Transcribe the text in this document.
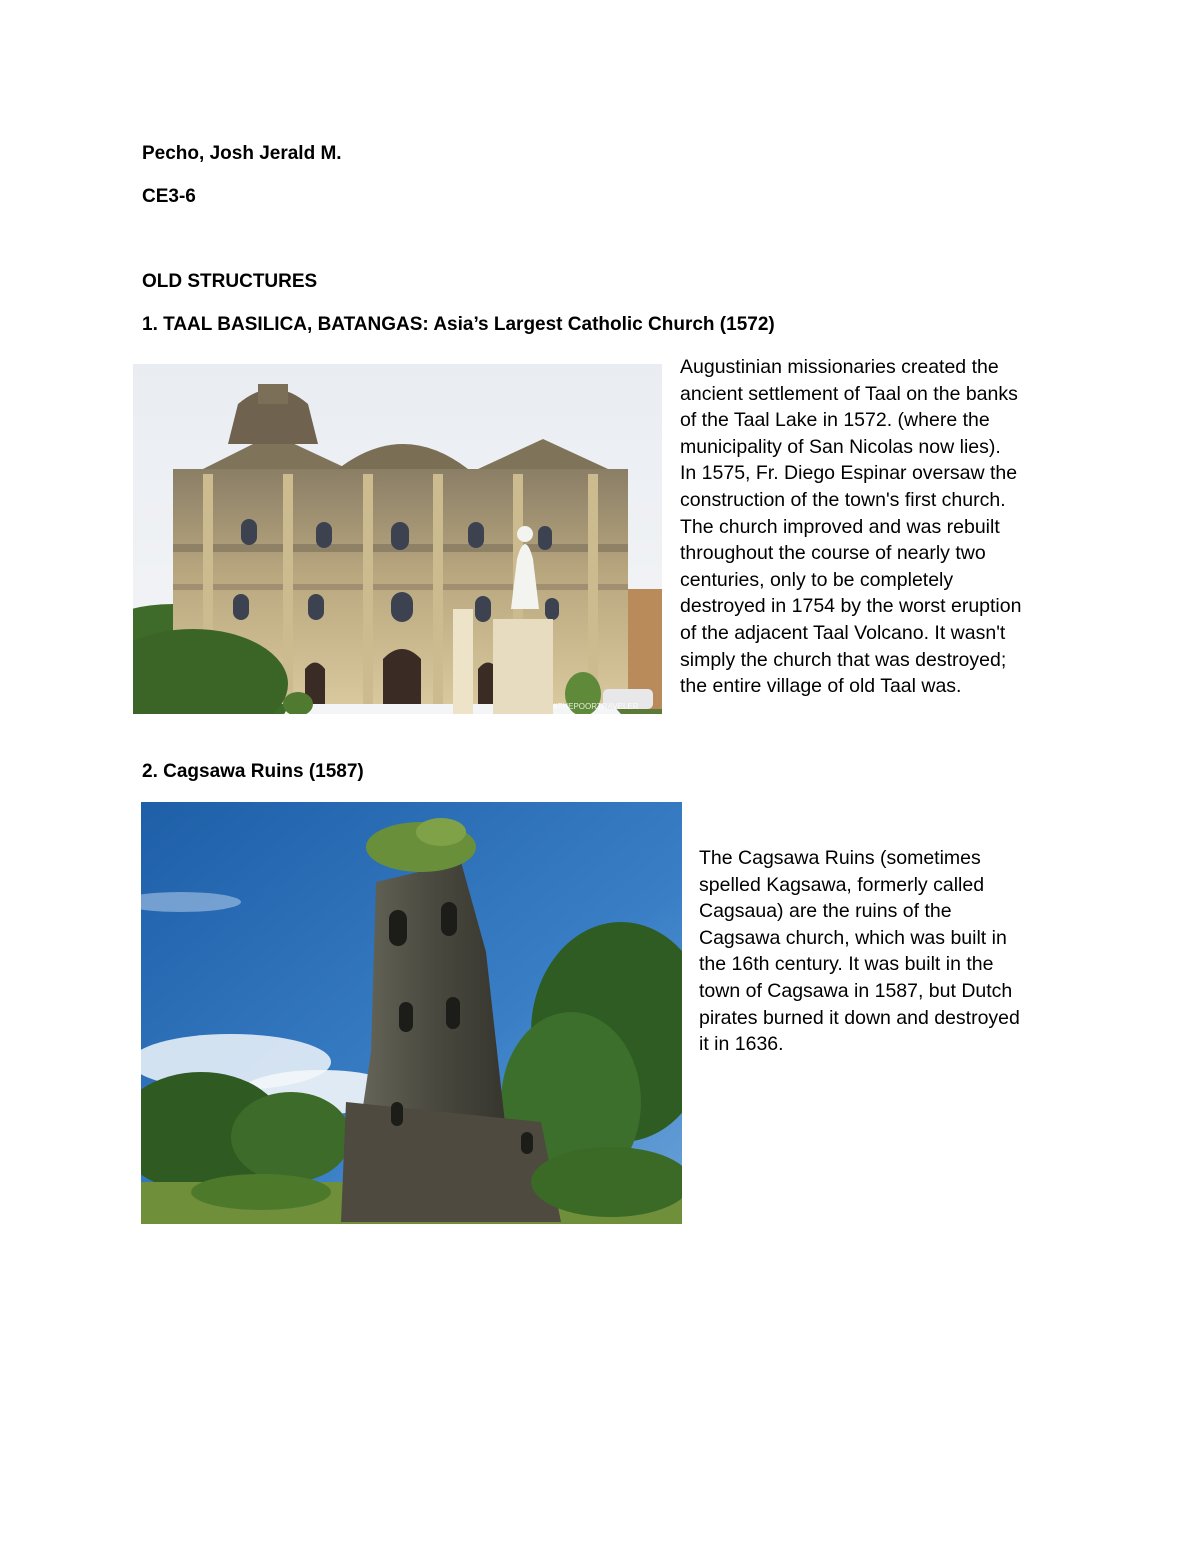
Pecho, Josh Jerald M.
CE3-6
OLD STRUCTURES
1. TAAL BASILICA, BATANGAS: Asia’s Largest Catholic Church (1572)
#THEPOORTRAVELER

Augustinian missionaries created the
ancient settlement of Taal on the banks
of the Taal Lake in 1572. (where the
municipality of San Nicolas now lies).
In 1575, Fr. Diego Espinar oversaw the
construction of the town's first church.
The church improved and was rebuilt
throughout the course of nearly two
centuries, only to be completely
destroyed in 1754 by the worst eruption
of the adjacent Taal Volcano. It wasn't
simply the church that was destroyed;
the entire village of old Taal was.

2. Cagsawa Ruins (1587)

The Cagsawa Ruins (sometimes
spelled Kagsawa, formerly called
Cagsaua) are the ruins of the
Cagsawa church, which was built in
the 16th century. It was built in the
town of Cagsawa in 1587, but Dutch
pirates burned it down and destroyed
it in 1636.
